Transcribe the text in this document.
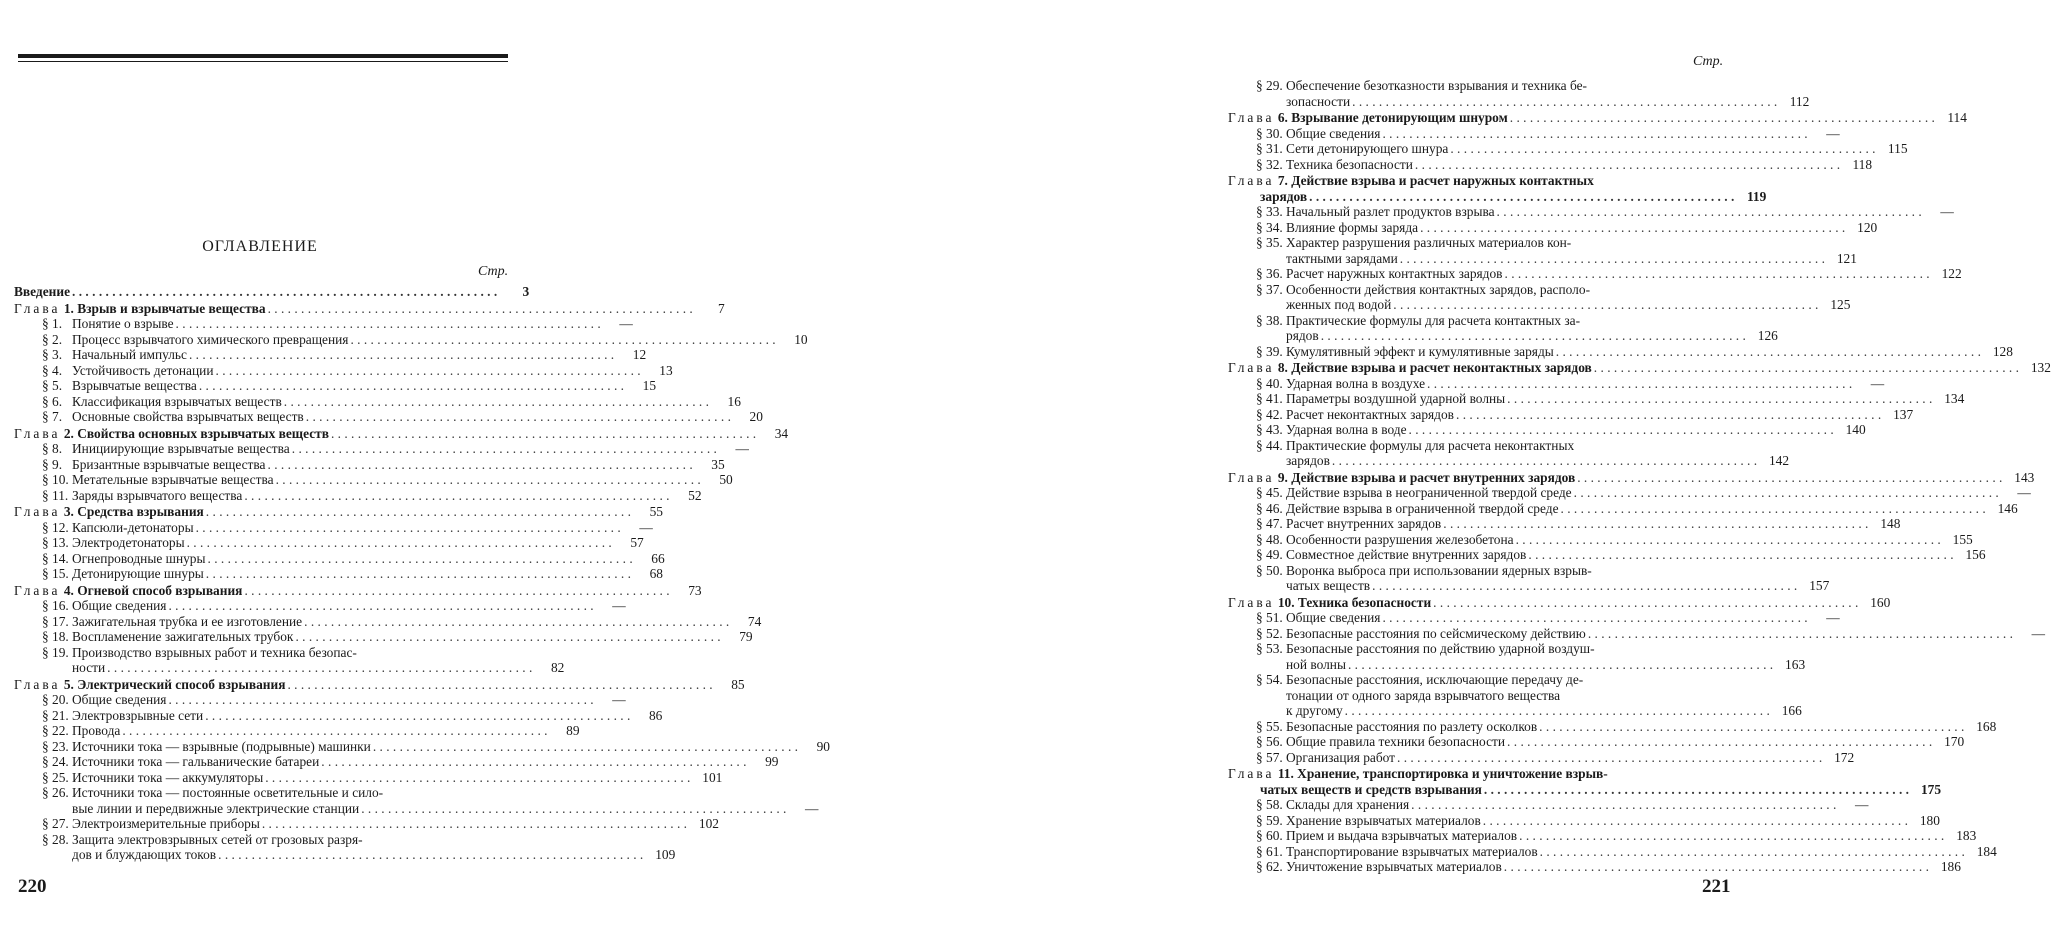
ОГЛАВЛЕНИЕ
Стр.
Введение . . .	3
Глава 1. Взрыв и взрывчатые вещества . . .	7
§ 1. Понятие о взрыве . . .	—
§ 2. Процесс взрывчатого химического превращения . . .	10
§ 3. Начальный импульс . . .	12
§ 4. Устойчивость детонации . . .	13
§ 5. Взрывчатые вещества . . .	15
§ 6. Классификация взрывчатых веществ . . .	16
§ 7. Основные свойства взрывчатых веществ . . .	20
Глава 2. Свойства основных взрывчатых веществ . . .	34
§ 8. Инициирующие взрывчатые вещества . . .	—
§ 9. Бризантные взрывчатые вещества . . .	35
§ 10. Метательные взрывчатые вещества . . .	50
§ 11. Заряды взрывчатого вещества . . .	52
Глава 3. Средства взрывания . . .	55
§ 12. Капсюли-детонаторы . . .	—
§ 13. Электродетонаторы . . .	57
§ 14. Огнепроводные шнуры . . .	66
§ 15. Детонирующие шнуры . . .	68
Глава 4. Огневой способ взрывания . . .	73
§ 16. Общие сведения . . .	—
§ 17. Зажигательная трубка и ее изготовление . . .	74
§ 18. Воспламенение зажигательных трубок . . .	79
§ 19. Производство взрывных работ и техника безопас-
ности . . .	82
Глава 5. Электрический способ взрывания . . .	85
§ 20. Общие сведения . . .	—
§ 21. Электровзрывные сети . . .	86
§ 22. Провода . . .	89
§ 23. Источники тока — взрывные (подрывные) машинки . . .	90
§ 24. Источники тока — гальванические батареи . . .	99
§ 25. Источники тока — аккумуляторы . . .	101
§ 26. Источники тока — постоянные осветительные и сило-
вые линии и передвижные электрические станции . . .	—
§ 27. Электроизмерительные приборы . . .	102
§ 28. Защита электровзрывных сетей от грозовых разря-
дов и блуждающих токов . . .	109
220
Стр.
§ 29. Обеспечение безотказности взрывания и техника бе-
зопасности . . .	112
Глава 6. Взрывание детонирующим шнуром . . .	114
§ 30. Общие сведения . . .	—
§ 31. Сети детонирующего шнура . . .	115
§ 32. Техника безопасности . . .	118
Глава 7. Действие взрыва и расчет наружных контактных
зарядов . . .	119
§ 33. Начальный разлет продуктов взрыва . . .	—
§ 34. Влияние формы заряда . . .	120
§ 35. Характер разрушения различных материалов кон-
тактными зарядами . . .	121
§ 36. Расчет наружных контактных зарядов . . .	122
§ 37. Особенности действия контактных зарядов, располо-
женных под водой . . .	125
§ 38. Практические формулы для расчета контактных за-
рядов . . .	126
§ 39. Кумулятивный эффект и кумулятивные заряды . . .	128
Глава 8. Действие взрыва и расчет неконтактных зарядов . . .	132
§ 40. Ударная волна в воздухе . . .	—
§ 41. Параметры воздушной ударной волны . . .	134
§ 42. Расчет неконтактных зарядов . . .	137
§ 43. Ударная волна в воде . . .	140
§ 44. Практические формулы для расчета неконтактных
зарядов . . .	142
Глава 9. Действие взрыва и расчет внутренних зарядов . . .	143
§ 45. Действие взрыва в неограниченной твердой среде . . .	—
§ 46. Действие взрыва в ограниченной твердой среде . . .	146
§ 47. Расчет внутренних зарядов . . .	148
§ 48. Особенности разрушения железобетона . . .	155
§ 49. Совместное действие внутренних зарядов . . .	156
§ 50. Воронка выброса при использовании ядерных взрыв-
чатых веществ . . .	157
Глава 10. Техника безопасности . . .	160
§ 51. Общие сведения . . .	—
§ 52. Безопасные расстояния по сейсмическому действию . . .	—
§ 53. Безопасные расстояния по действию ударной воздуш-
ной волны . . .	163
§ 54. Безопасные расстояния, исключающие передачу де-
тонации от одного заряда взрывчатого вещества
к другому . . .	166
§ 55. Безопасные расстояния по разлету осколков . . .	168
§ 56. Общие правила техники безопасности . . .	170
§ 57. Организация работ . . .	172
Глава 11. Хранение, транспортировка и уничтожение взрыв-
чатых веществ и средств взрывания . . .	175
§ 58. Склады для хранения . . .	—
§ 59. Хранение взрывчатых материалов . . .	180
§ 60. Прием и выдача взрывчатых материалов . . .	183
§ 61. Транспортирование взрывчатых материалов . . .	184
§ 62. Уничтожение взрывчатых материалов . . .	186
221
